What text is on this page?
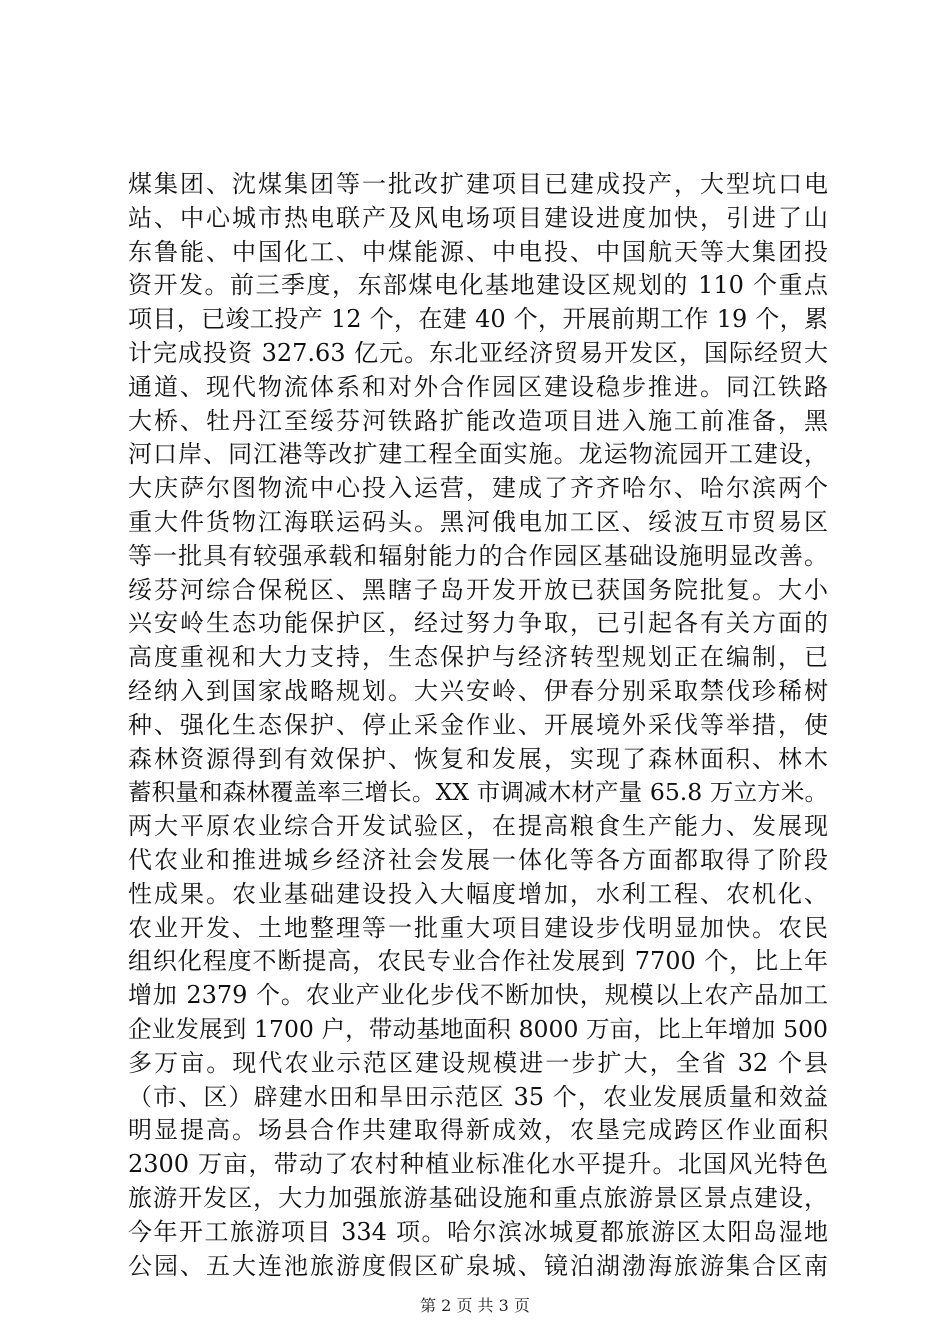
煤集团、沈煤集团等一批改扩建项目已建成投产，大型坑口电
站、中心城市热电联产及风电场项目建设进度加快，引进了山
东鲁能、中国化工、中煤能源、中电投、中国航天等大集团投
资开发。前三季度，东部煤电化基地建设区规划的 110 个重点
项目，已竣工投产 12 个，在建 40 个，开展前期工作 19 个，累
计完成投资 327.63 亿元。东北亚经济贸易开发区，国际经贸大
通道、现代物流体系和对外合作园区建设稳步推进。同江铁路
大桥、牡丹江至绥芬河铁路扩能改造项目进入施工前准备，黑
河口岸、同江港等改扩建工程全面实施。龙运物流园开工建设，
大庆萨尔图物流中心投入运营，建成了齐齐哈尔、哈尔滨两个
重大件货物江海联运码头。黑河俄电加工区、绥波互市贸易区
等一批具有较强承载和辐射能力的合作园区基础设施明显改善。
绥芬河综合保税区、黑瞎子岛开发开放已获国务院批复。大小
兴安岭生态功能保护区，经过努力争取，已引起各有关方面的
高度重视和大力支持，生态保护与经济转型规划正在编制，已
经纳入到国家战略规划。大兴安岭、伊春分别采取禁伐珍稀树
种、强化生态保护、停止采金作业、开展境外采伐等举措，使
森林资源得到有效保护、恢复和发展，实现了森林面积、林木
蓄积量和森林覆盖率三增长。XX 市调减木材产量 65.8 万立方米。
两大平原农业综合开发试验区，在提高粮食生产能力、发展现
代农业和推进城乡经济社会发展一体化等各方面都取得了阶段
性成果。农业基础建设投入大幅度增加，水利工程、农机化、
农业开发、土地整理等一批重大项目建设步伐明显加快。农民
组织化程度不断提高，农民专业合作社发展到 7700 个，比上年
增加 2379 个。农业产业化步伐不断加快，规模以上农产品加工
企业发展到 1700 户，带动基地面积 8000 万亩，比上年增加 500
多万亩。现代农业示范区建设规模进一步扩大，全省 32 个县
（市、区）辟建水田和旱田示范区 35 个，农业发展质量和效益
明显提高。场县合作共建取得新成效，农垦完成跨区作业面积
2300 万亩，带动了农村种植业标准化水平提升。北国风光特色
旅游开发区，大力加强旅游基础设施和重点旅游景区景点建设，
今年开工旅游项目 334 项。哈尔滨冰城夏都旅游区太阳岛湿地
公园、五大连池旅游度假区矿泉城、镜泊湖渤海旅游集合区南
第 2 页 共 3 页
